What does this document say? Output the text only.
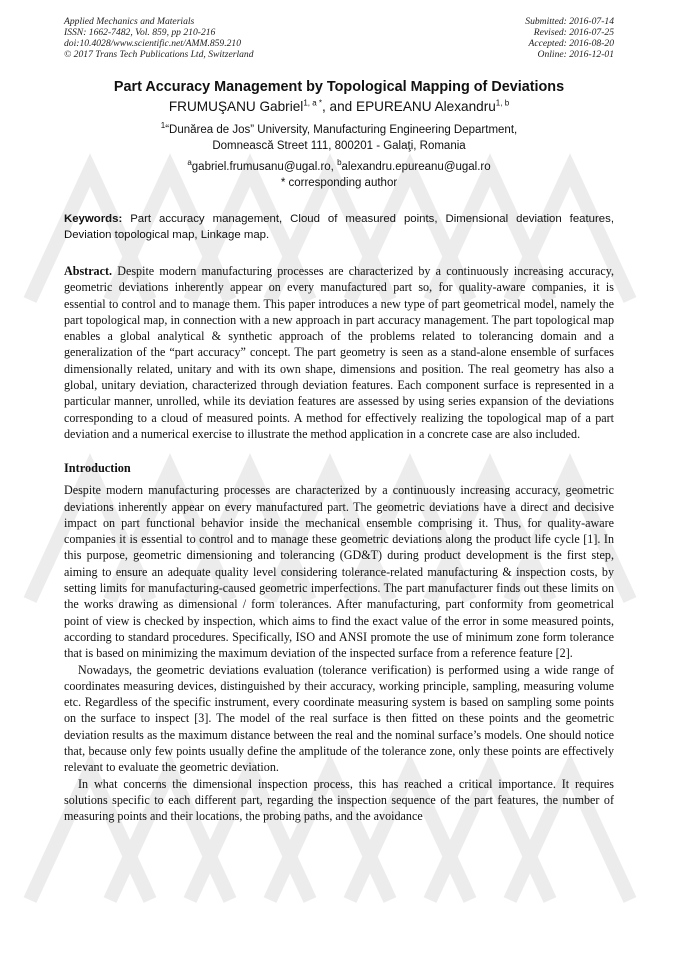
Applied Mechanics and Materials
ISSN: 1662-7482, Vol. 859, pp 210-216
doi:10.4028/www.scientific.net/AMM.859.210
© 2017 Trans Tech Publications Ltd, Switzerland
Submitted: 2016-07-14
Revised: 2016-07-25
Accepted: 2016-08-20
Online: 2016-12-01
Part Accuracy Management by Topological Mapping of Deviations
FRUMUŞANU Gabriel$^{1, a *}$, and EPUREANU Alexandru$^{1, b}$
$^1$“Dunărea de Jos” University, Manufacturing Engineering Department,
Domnească Street 111, 800201 - Galaţi, Romania
$^a$gabriel.frumusanu@ugal.ro, $^b$alexandru.epureanu@ugal.ro
* corresponding author
Keywords: Part accuracy management, Cloud of measured points, Dimensional deviation features, Deviation topological map, Linkage map.
Abstract. Despite modern manufacturing processes are characterized by a continuously increasing accuracy, geometric deviations inherently appear on every manufactured part so, for quality-aware companies, it is essential to control and to manage them. This paper introduces a new type of part geometrical model, namely the part topological map, in connection with a new approach in part accuracy management. The part topological map enables a global analytical & synthetic approach of the problems related to tolerancing domain and a generalization of the “part accuracy” concept. The part geometry is seen as a stand-alone ensemble of surfaces dimensionally related, unitary and with its own shape, dimensions and position. The real geometry has also a global, unitary deviation, characterized through deviation features. Each component surface is represented in a particular manner, unrolled, while its deviation features are assessed by using series expansion of the deviations corresponding to a cloud of measured points. A method for effectively realizing the topological map of a part deviation and a numerical exercise to illustrate the method application in a concrete case are also included.
Introduction
Despite modern manufacturing processes are characterized by a continuously increasing accuracy, geometric deviations inherently appear on every manufactured part. The geometric deviations have a direct and decisive impact on part functional behavior inside the mechanical ensemble comprising it. Thus, for quality-aware companies it is essential to control and to manage these geometric deviations along the product life cycle [1]. In this purpose, geometric dimensioning and tolerancing (GD&T) during product development is the first step, aiming to ensure an adequate quality level considering tolerance-related manufacturing & inspection costs, by setting limits for manufacturing-caused geometric imperfections. The part manufacturer finds out these limits on the works drawing as dimensional / form tolerances. After manufacturing, part conformity from geometrical point of view is checked by inspection, which aims to find the exact value of the error in some measured points, according to standard procedures. Specifically, ISO and ANSI promote the use of minimum zone form tolerance that is based on minimizing the maximum deviation of the inspected surface from a reference feature [2].
Nowadays, the geometric deviations evaluation (tolerance verification) is performed using a wide range of coordinates measuring devices, distinguished by their accuracy, working principle, sampling, measuring volume etc. Regardless of the specific instrument, every coordinate measuring system is based on sampling some points on the surface to inspect [3]. The model of the real surface is then fitted on these points and the geometric deviation results as the maximum distance between the real and the nominal surface’s models. One should notice that, because only few points usually define the amplitude of the tolerance zone, only these points are effectively relevant to evaluate the geometric deviation.
In what concerns the dimensional inspection process, this has reached a critical importance. It requires solutions specific to each different part, regarding the inspection sequence of the part features, the number of measuring points and their locations, the probing paths, and the avoidance
